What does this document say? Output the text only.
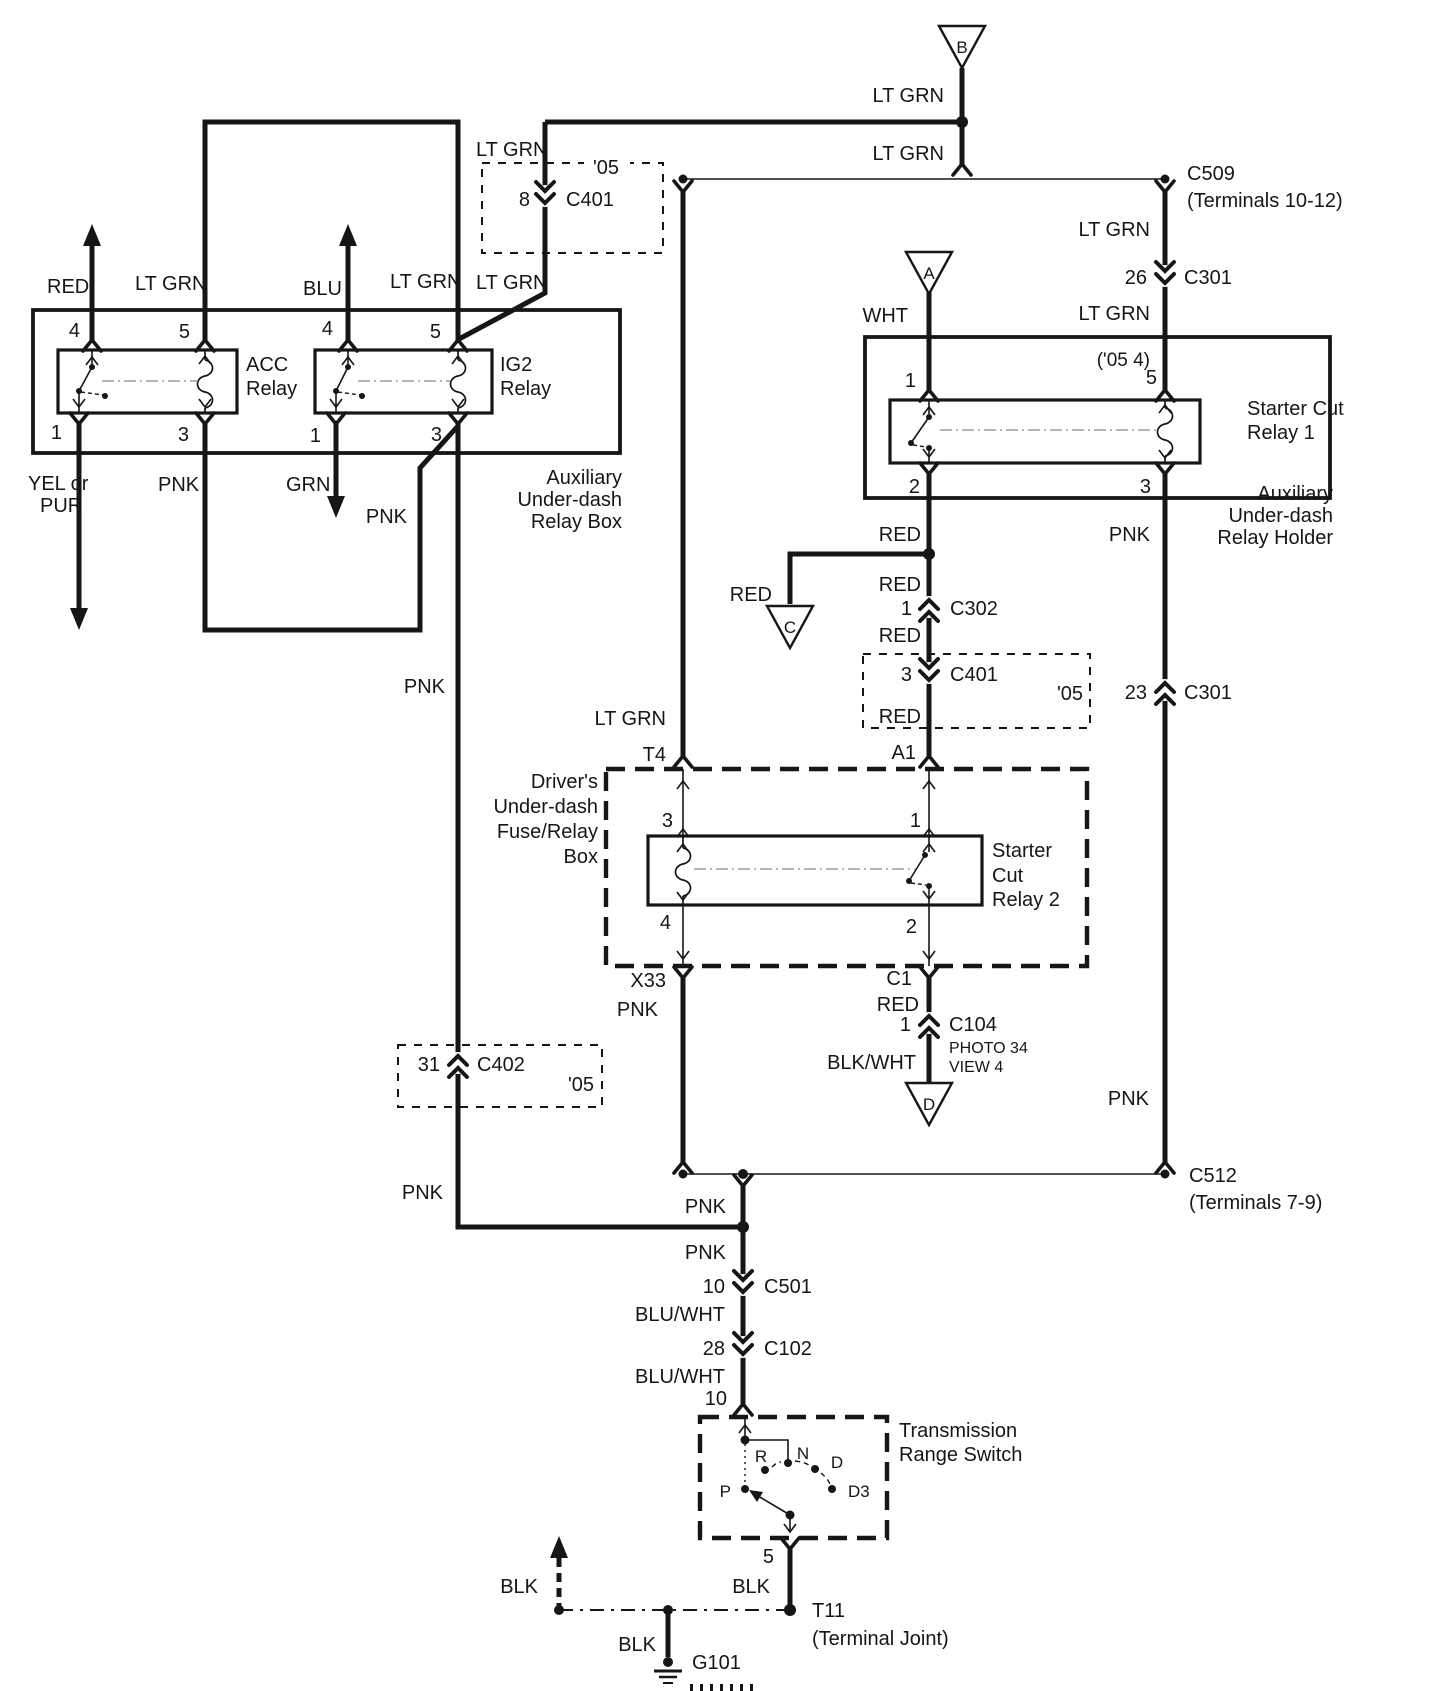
B
LT GRN
LT GRN
C509
(Terminals 10-12)
'05
LT GRN
8 C401
LT GRN
RED LT GRN	BLU LT GRN
4	5	4	5
1	3	1	3
ACC
Relay
IG2
Relay
Auxiliary
Under-dash
Relay Box
YEL or
PUR
PNK	GRN
PNK
PNK
31 C402
'05
PNK
LT GRN
26 C301
LT GRN
A
WHT
('05 4)
5
1
Starter Cut
Relay 1
2	3	Auxiliary
Under-dash
Relay Holder
PNK
23 C301
PNK
RED
RED
C
RED
1 C302
RED
3 C401
'05
RED
LT GRN
T4	A1
Driver's
Under-dash
Fuse/Relay
Box
3	1
Starter
Cut
Relay 2
4	2
X33	C1
PNK	RED
1 C104
PHOTO 34
VIEW 4
BLK/WHT
D
C512
(Terminals 7-9)
PNK
PNK
10 C501
BLU/WHT
28 C102
BLU/WHT
10
Transmission
Range Switch
R N D
D3
P
5
BLK
T11
(Terminal Joint)
BLK
BLK
G101
